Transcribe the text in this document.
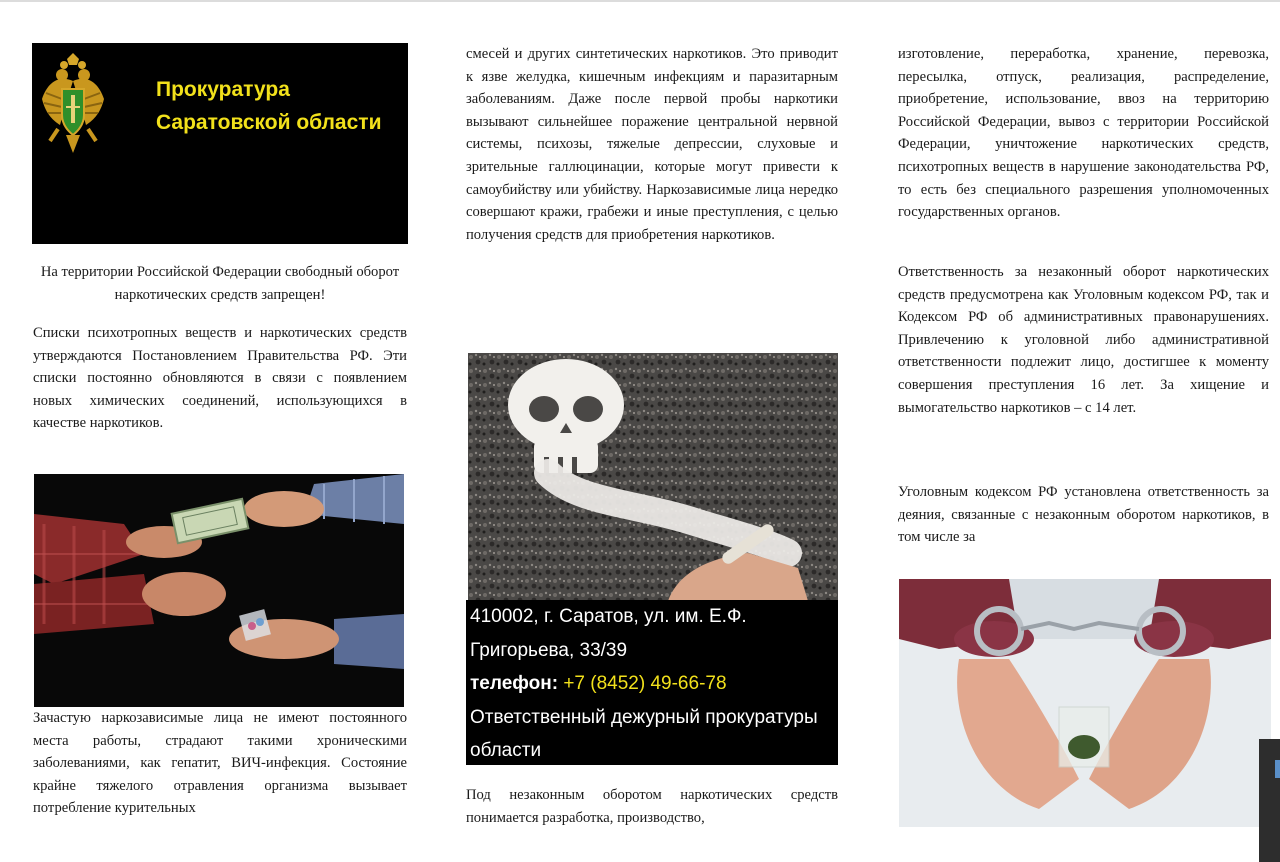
Прокуратура
Саратовской области

На территории Российской Федерации свободный оборот наркотических средств запрещен!

Списки психотропных веществ и наркотических средств утверждаются Постановлением Правительства РФ. Эти списки постоянно обновляются в связи с появлением новых химических соединений, использующихся в качестве наркотиков.

Зачастую наркозависимые лица не имеют постоянного места работы, страдают такими хроническими заболеваниями, как гепатит, ВИЧ-инфекция. Состояние крайне тяжелого отравления организма вызывает потребление курительных

смесей и других синтетических наркотиков. Это приводит к язве желудка, кишечным инфекциям и паразитарным заболеваниям. Даже после первой пробы наркотики вызывают сильнейшее поражение центральной нервной системы, психозы, тяжелые депрессии, слуховые и зрительные галлюцинации, которые могут привести к самоубийству или убийству. Наркозависимые лица нередко совершают кражи, грабежи и иные преступления, с целью получения средств для приобретения наркотиков.

410002, г. Саратов, ул. им. Е.Ф.
Григорьева, 33/39
телефон: +7 (8452) 49-66-78
Ответственный дежурный прокуратуры
области

Под незаконным оборотом наркотических средств понимается разработка, производство,

изготовление, переработка, хранение, перевозка, пересылка, отпуск, реализация, распределение, приобретение, использование, ввоз на территорию Российской Федерации, вывоз с территории Российской Федерации, уничтожение наркотических средств, психотропных веществ в нарушение законодательства РФ, то есть без специального разрешения уполномоченных государственных органов.

Ответственность за незаконный оборот наркотических средств предусмотрена как Уголовным кодексом РФ, так и Кодексом РФ об административных правонарушениях. Привлечению к уголовной либо административной ответственности подлежит лицо, достигшее к моменту совершения преступления 16 лет. За хищение и вымогательство наркотиков – с 14 лет.

Уголовным кодексом РФ установлена ответственность за деяния, связанные с незаконным оборотом наркотиков, в том числе за
